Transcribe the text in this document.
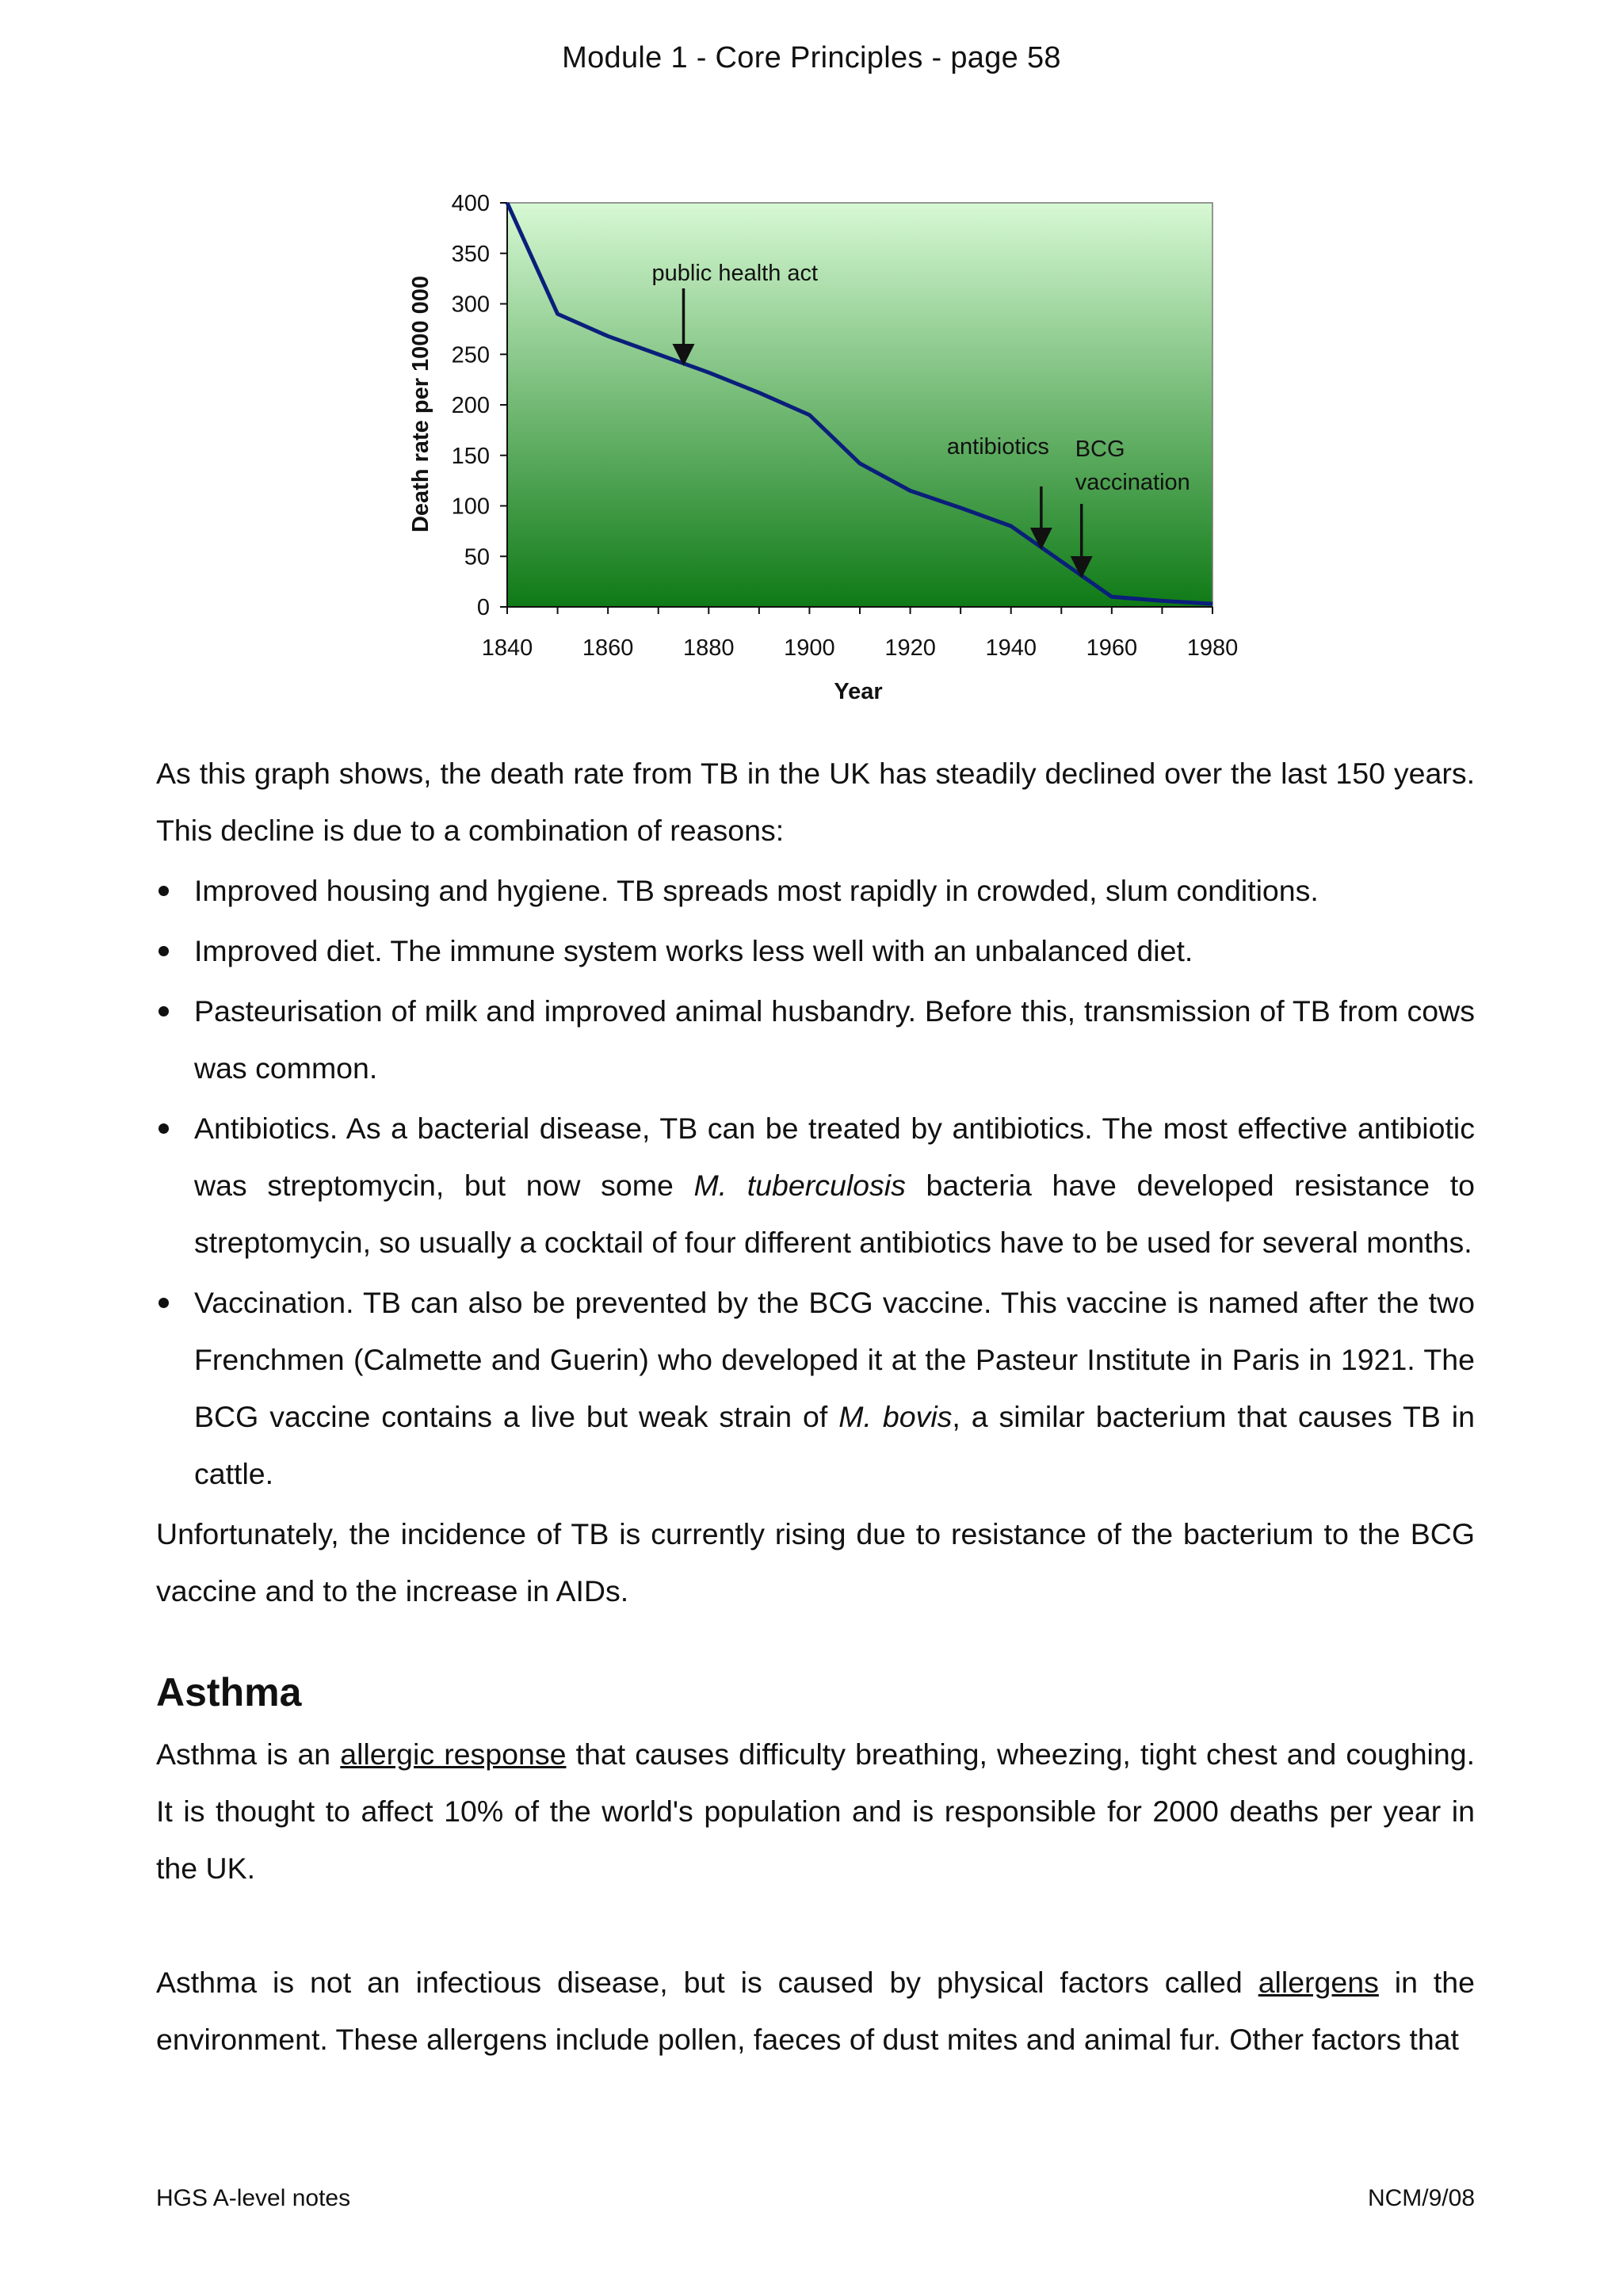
Module 1 - Core Principles - page 58
0
50
100
150
200
250
300
350
400
1840 1860 1880 1900 1920 1940 1960 1980
public health act
antibiotics BCG vaccination
Year
Death rate per 1000 000

As this graph shows, the death rate from TB in the UK has steadily declined over the last 150 years. This decline is due to a combination of reasons:

Improved housing and hygiene. TB spreads most rapidly in crowded, slum conditions.
Improved diet. The immune system works less well with an unbalanced diet.
Pasteurisation of milk and improved animal husbandry. Before this, transmission of TB from cows was common.
Antibiotics. As a bacterial disease, TB can be treated by antibiotics. The most effective antibiotic was streptomycin, but now some M. tuberculosis bacteria have developed resistance to streptomycin, so usually a cocktail of four different antibiotics have to be used for several months.
Vaccination. TB can also be prevented by the BCG vaccine. This vaccine is named after the two Frenchmen (Calmette and Guerin) who developed it at the Pasteur Institute in Paris in 1921. The BCG vaccine contains a live but weak strain of M. bovis, a similar bacterium that causes TB in cattle.

Unfortunately, the incidence of TB is currently rising due to resistance of the bacterium to the BCG vaccine and to the increase in AIDs.

Asthma

Asthma is an allergic response that causes difficulty breathing, wheezing, tight chest and coughing. It is thought to affect 10% of the world's population and is responsible for 2000 deaths per year in the UK.

Asthma is not an infectious disease, but is caused by physical factors called allergens in the environment. These allergens include pollen, faeces of dust mites and animal fur. Other factors that

HGS A-level notes	NCM/9/08
